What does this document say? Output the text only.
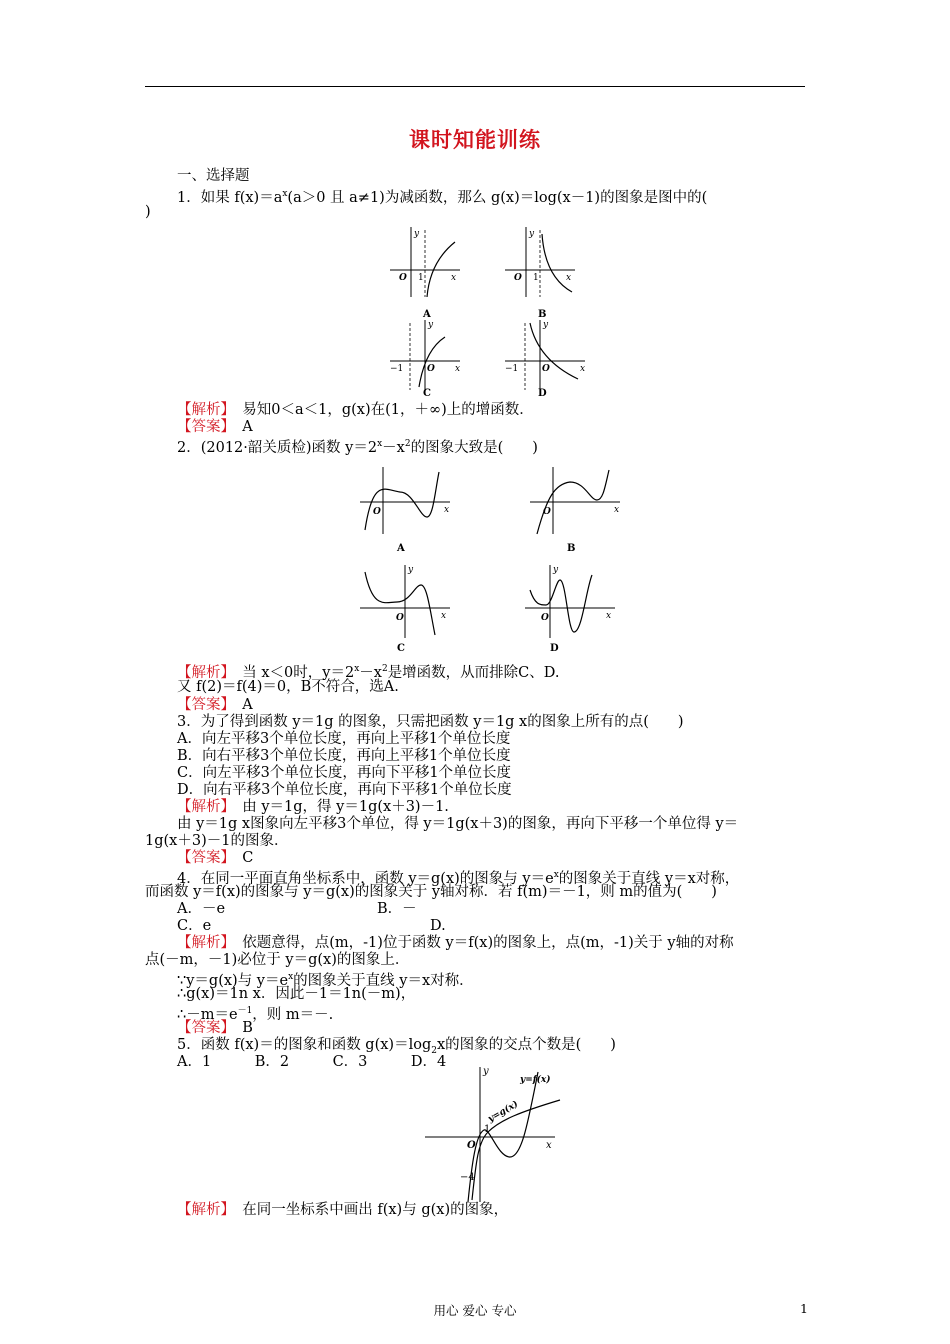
课时知能训练
一、选择题
1．如果 $f(x)=a^x(a>0$ 且 a≠1)为减函数，那么 g(x)＝log(x－1)的图象是图中的(
)
O 1	x
y
A
O 1	x
y
B
−1	O x
y
C
−1	O	x
y
D
【解析】　 易知0＜a＜1，g(x)在(1，＋∞)上的增函数．
【答案】　 A
2．(2012·韶关质检)函数 $y=2^x-x^2$的图象大致是(　　)
O	x
A
O	x
B
O
y
x
C
O
y
x
D
【解析】　 当 x＜0时，$y=2^x-x^2$是增函数，从而排除C、D.
又 f(2)＝f(4)＝0，B不符合，选A.
【答案】　 A
3．为了得到函数 y＝1g 的图象，只需把函数 y＝1g x的图象上所有的点(　　)
A．向左平移3个单位长度，再向上平移1个单位长度
B．向右平移3个单位长度，再向上平移1个单位长度
C．向左平移3个单位长度，再向下平移1个单位长度
D．向右平移3个单位长度，再向下平移1个单位长度
【解析】　 由 y＝1g，得 y＝1g(x＋3)－1.
由 y＝1g x图象向左平移3个单位，得 y＝1g(x＋3)的图象，再向下平移一个单位得 y＝
1g(x＋3)－1的图象．
【答案】　 C
4．在同一平面直角坐标系中，函数 y＝g(x)的图象与 $y=e^x$的图象关于直线 y＝x对称，
而函数 y＝f(x)的图象与 y＝g(x)的图象关于 y轴对称．若 f(m)＝－1，则 m的值为(　　)
A．－e	B．－
C．e	D.
【解析】　 依题意得，点(m，-1)位于函数 y＝f(x)的图象上，点(m，-1)关于 y轴的对称
点(－m，－1)必位于 y＝g(x)的图象上．
∵y＝g(x)与 $y=e^x$的图象关于直线 y＝x对称．
∴g(x)＝1n x．因此－1＝1n(－m)，
$\therefore-m=e^{-1}$，则 m＝－.
【答案】　 B
5．函数 f(x)＝的图象和函数 $g(x)=\log_2x$的图象的交点个数是(　　)
A．1　　　B．2　　　C．3　　　D．4
y=f(x)
y=g(x)
O
y
x
1
−4
【解析】　 在同一坐标系中画出 f(x)与 g(x)的图象，
用心 爱心 专心	1
